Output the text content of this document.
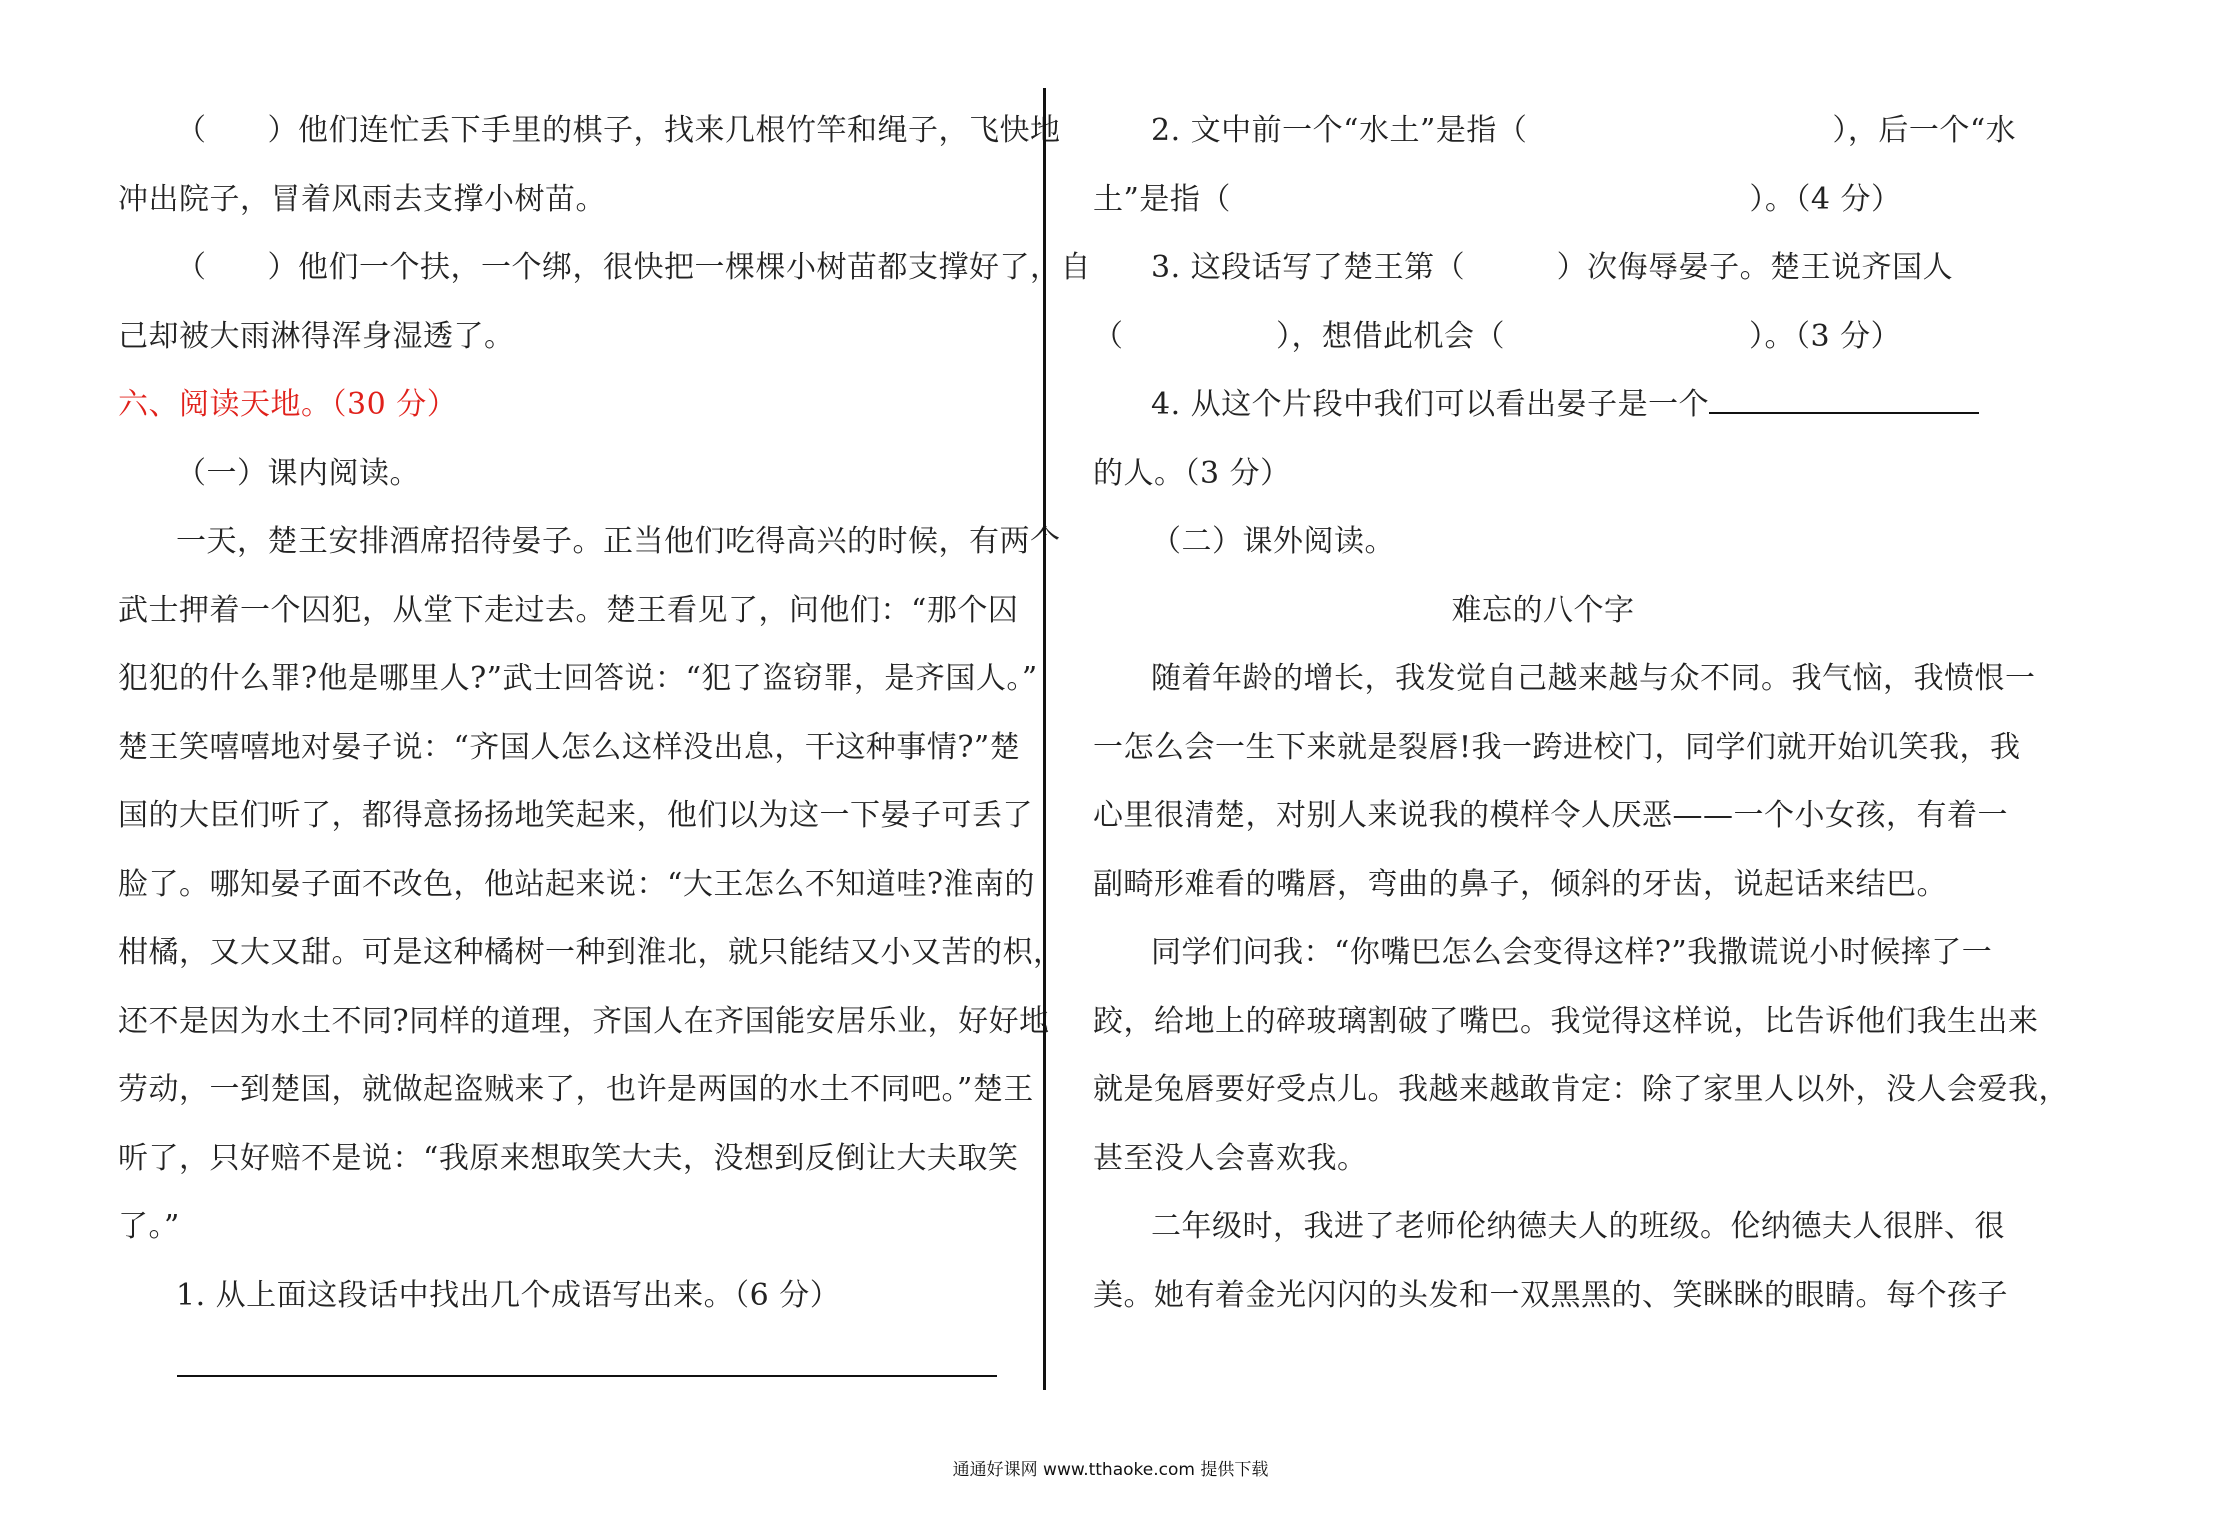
（　　）他们连忙丢下手里的棋子，找来几根竹竿和绳子，飞快地
冲出院子，冒着风雨去支撑小树苗。
（　　）他们一个扶，一个绑，很快把一棵棵小树苗都支撑好了，自
己却被大雨淋得浑身湿透了。
六、阅读天地。（30 分）
（一）课内阅读。
一天，楚王安排酒席招待晏子。正当他们吃得高兴的时候，有两个
武士押着一个囚犯，从堂下走过去。楚王看见了，问他们：“那个囚
犯犯的什么罪?他是哪里人?”武士回答说：“犯了盗窃罪，是齐国人。”
楚王笑嘻嘻地对晏子说：“齐国人怎么这样没出息，干这种事情?”楚
国的大臣们听了，都得意扬扬地笑起来，他们以为这一下晏子可丢了
脸了。哪知晏子面不改色，他站起来说：“大王怎么不知道哇?淮南的
柑橘，又大又甜。可是这种橘树一种到淮北，就只能结又小又苦的枳，
还不是因为水土不同?同样的道理，齐国人在齐国能安居乐业，好好地
劳动，一到楚国，就做起盗贼来了，也许是两国的水土不同吧。”楚王
听了，只好赔不是说：“我原来想取笑大夫，没想到反倒让大夫取笑
了。”
1. 从上面这段话中找出几个成语写出来。（6 分）
2. 文中前一个“水土”是指（　　　　　　　　　　），后一个“水
土”是指（　　　　　　　　　　　　　　　　　）。（4 分）
3. 这段话写了楚王第（　　　）次侮辱晏子。楚王说齐国人
（　　　　　），想借此机会（　　　　　　　　）。（3 分）
4. 从这个片段中我们可以看出晏子是一个
的人。（3 分）
（二）课外阅读。
难忘的八个字
随着年龄的增长，我发觉自己越来越与众不同。我气恼，我愤恨一
一怎么会一生下来就是裂唇!我一跨进校门，同学们就开始讥笑我，我
心里很清楚，对别人来说我的模样令人厌恶——一个小女孩，有着一
副畸形难看的嘴唇，弯曲的鼻子，倾斜的牙齿，说起话来结巴。
同学们问我：“你嘴巴怎么会变得这样?”我撒谎说小时候摔了一
跤，给地上的碎玻璃割破了嘴巴。我觉得这样说，比告诉他们我生出来
就是兔唇要好受点儿。我越来越敢肯定：除了家里人以外，没人会爱我，
甚至没人会喜欢我。
二年级时，我进了老师伦纳德夫人的班级。伦纳德夫人很胖、很
美。她有着金光闪闪的头发和一双黑黑的、笑眯眯的眼睛。每个孩子
通通好课网 www.tthaoke.com 提供下载
